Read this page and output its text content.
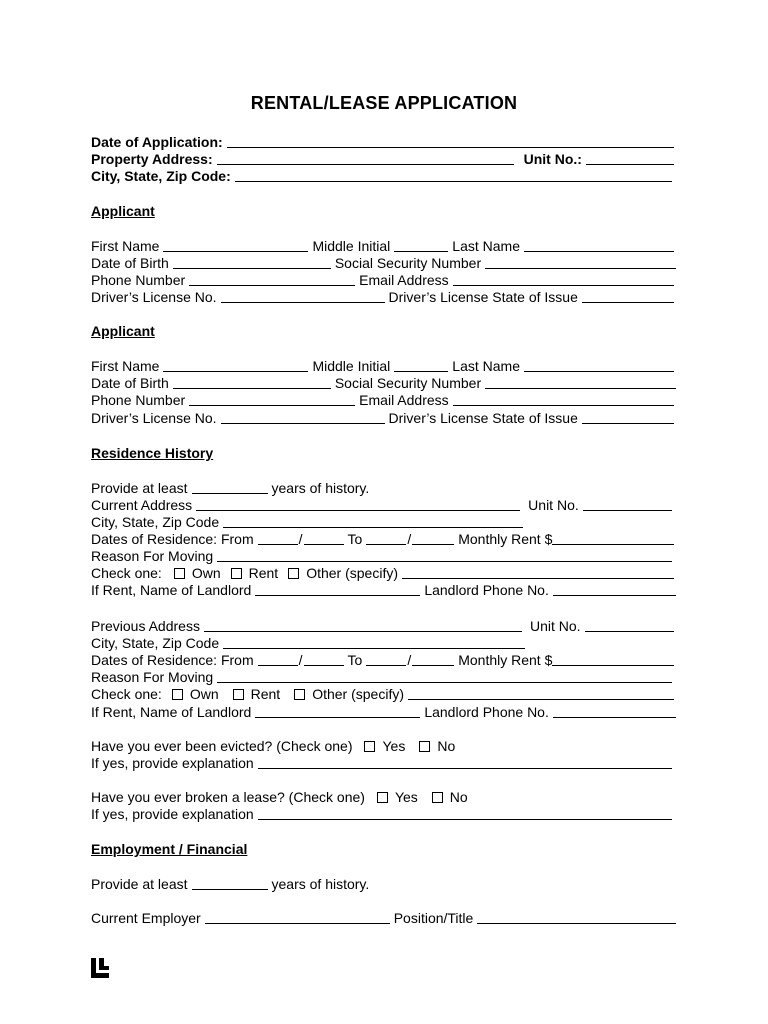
RENTAL/LEASE APPLICATION
Date of Application:
Property Address:	Unit No.:
City, State, Zip Code:
Applicant
First Name	Middle Initial	Last Name
Date of Birth	Social Security Number
Phone Number	Email Address
Driver’s License No.	Driver’s License State of Issue
Applicant
First Name	Middle Initial	Last Name
Date of Birth	Social Security Number
Phone Number	Email Address
Driver’s License No.	Driver’s License State of Issue
Residence History
Provide at least	years of history.
Current Address	Unit No.
City, State, Zip Code
Dates of Residence: From	/	To	/	Monthly Rent $
Reason For Moving
Check one: Own Rent Other (specify)
If Rent, Name of Landlord	Landlord Phone No.
Previous Address	Unit No.
City, State, Zip Code
Dates of Residence: From	/	To	/	Monthly Rent $
Reason For Moving
Check one: Own Rent Other (specify)
If Rent, Name of Landlord	Landlord Phone No.
Have you ever been evicted? (Check one) Yes No
If yes, provide explanation
Have you ever broken a lease? (Check one) Yes No
If yes, provide explanation
Employment / Financial
Provide at least	years of history.
Current Employer	Position/Title
